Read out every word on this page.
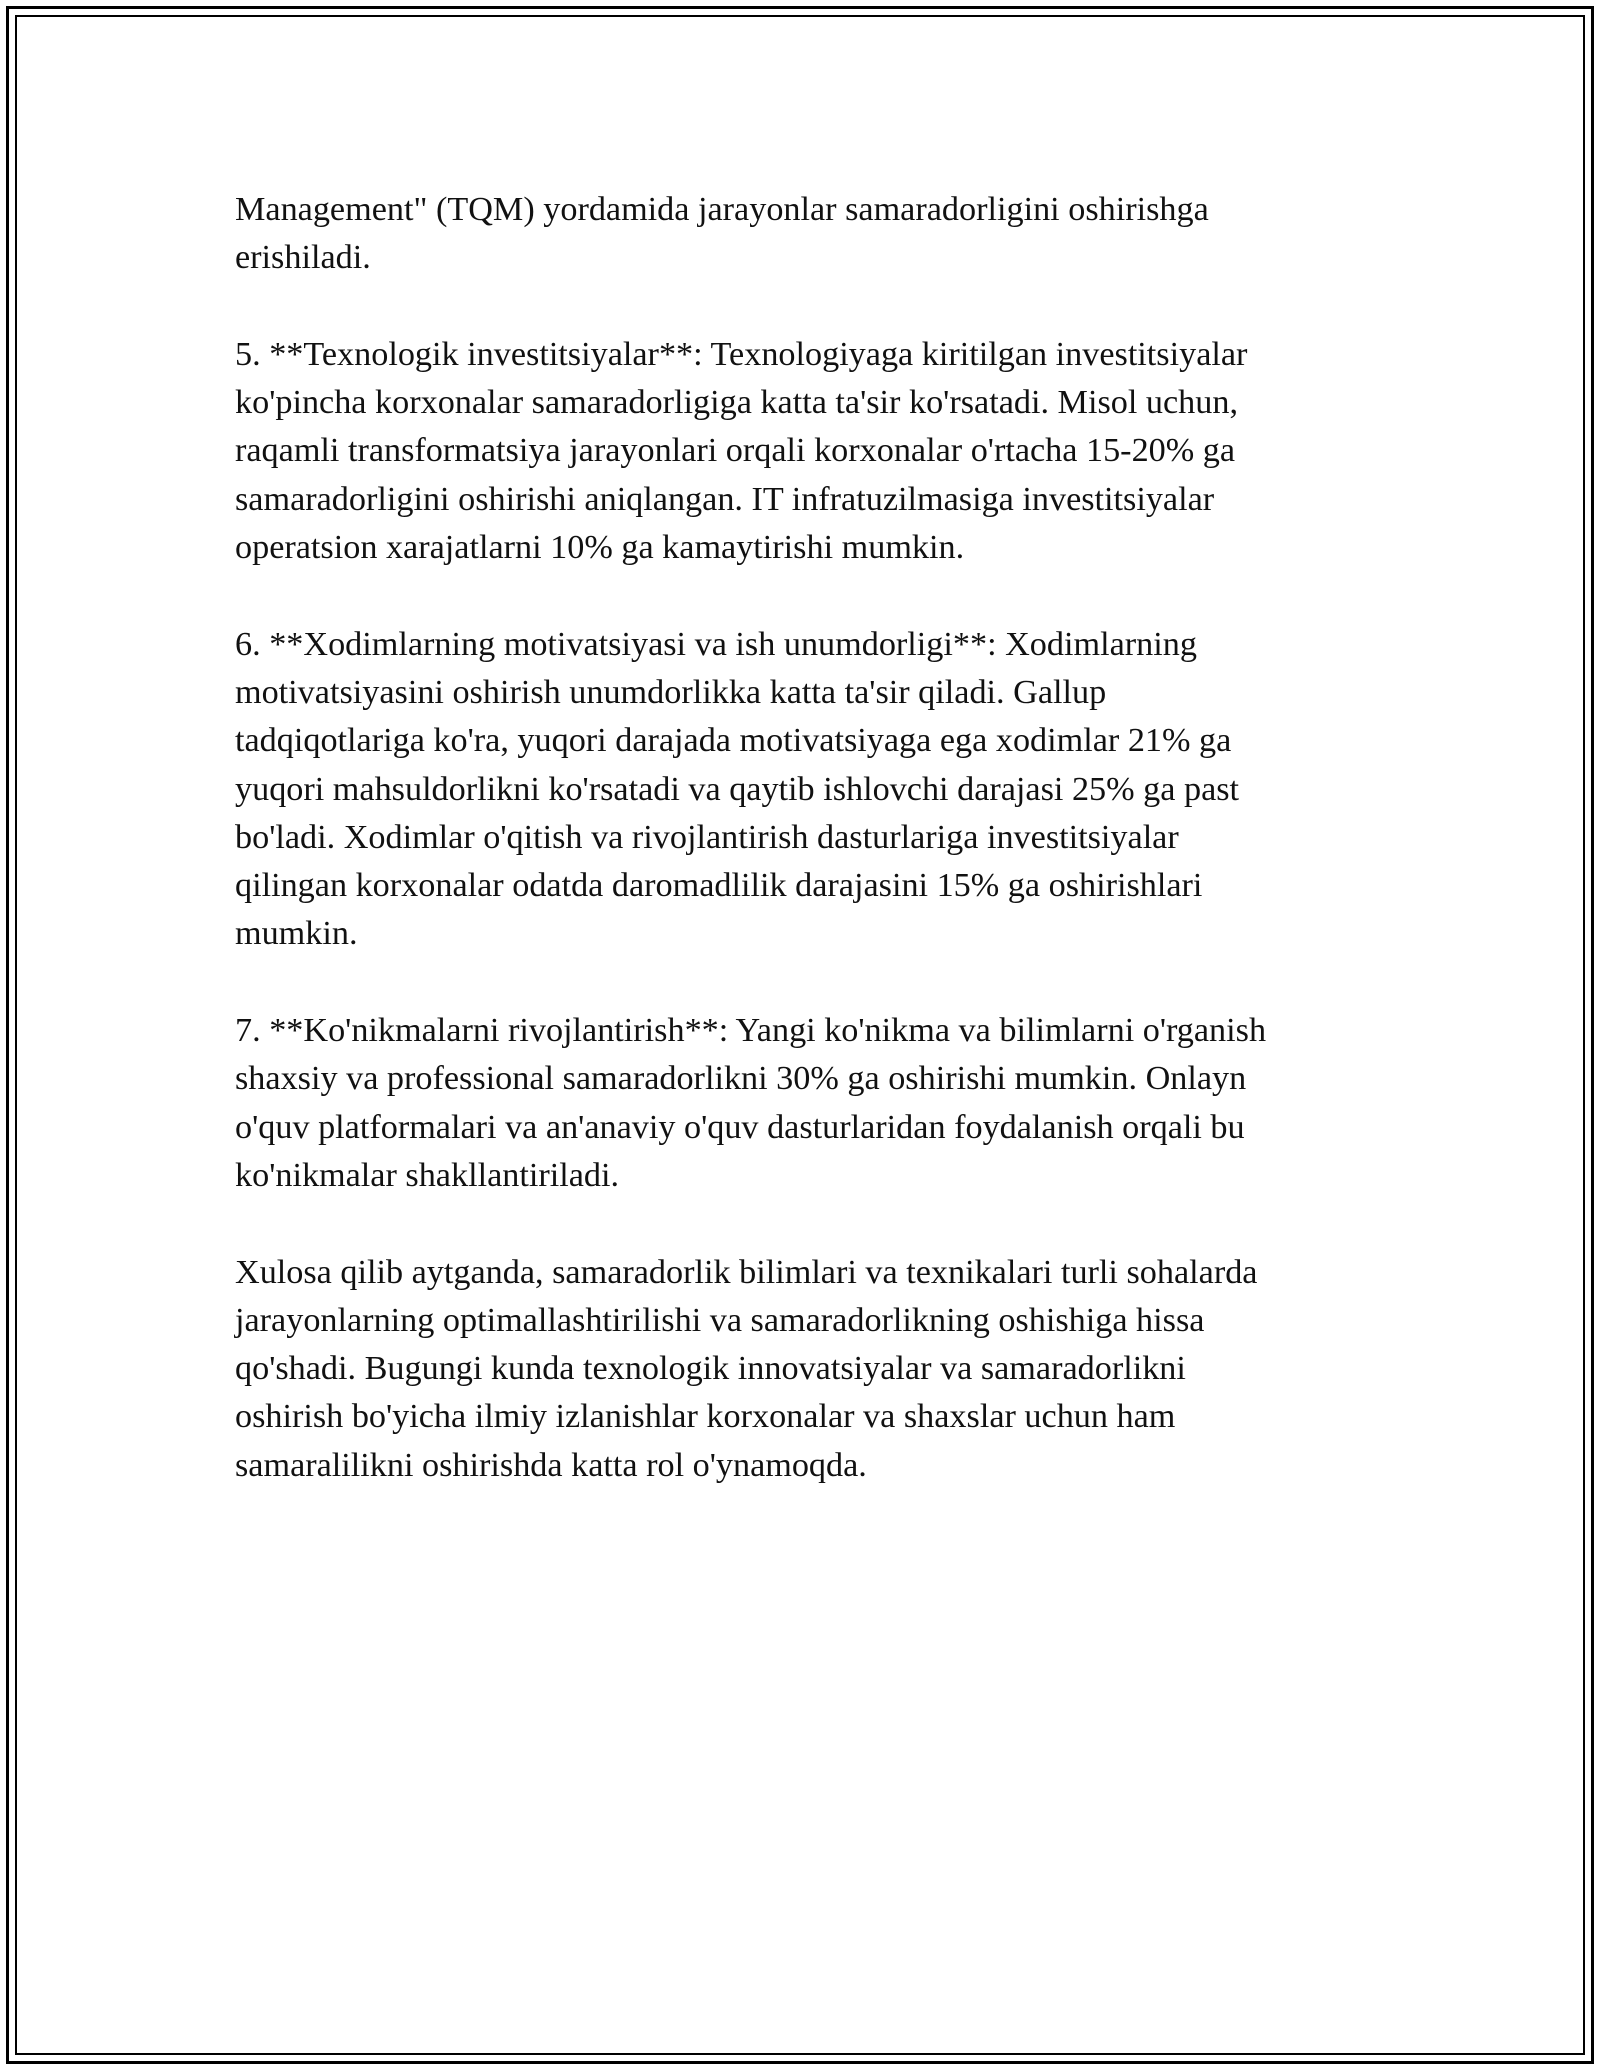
Management" (TQM) yordamida jarayonlar samaradorligini oshirishga
erishiladi.

5. **Texnologik investitsiyalar**: Texnologiyaga kiritilgan investitsiyalar
ko'pincha korxonalar samaradorligiga katta ta'sir ko'rsatadi. Misol uchun,
raqamli transformatsiya jarayonlari orqali korxonalar o'rtacha 15-20% ga
samaradorligini oshirishi aniqlangan. IT infratuzilmasiga investitsiyalar
operatsion xarajatlarni 10% ga kamaytirishi mumkin.

6. **Xodimlarning motivatsiyasi va ish unumdorligi**: Xodimlarning
motivatsiyasini oshirish unumdorlikka katta ta'sir qiladi. Gallup
tadqiqotlariga ko'ra, yuqori darajada motivatsiyaga ega xodimlar 21% ga
yuqori mahsuldorlikni ko'rsatadi va qaytib ishlovchi darajasi 25% ga past
bo'ladi. Xodimlar o'qitish va rivojlantirish dasturlariga investitsiyalar
qilingan korxonalar odatda daromadlilik darajasini 15% ga oshirishlari
mumkin.

7. **Ko'nikmalarni rivojlantirish**: Yangi ko'nikma va bilimlarni o'rganish
shaxsiy va professional samaradorlikni 30% ga oshirishi mumkin. Onlayn
o'quv platformalari va an'anaviy o'quv dasturlaridan foydalanish orqali bu
ko'nikmalar shakllantiriladi.

Xulosa qilib aytganda, samaradorlik bilimlari va texnikalari turli sohalarda
jarayonlarning optimallashtirilishi va samaradorlikning oshishiga hissa
qo'shadi. Bugungi kunda texnologik innovatsiyalar va samaradorlikni
oshirish bo'yicha ilmiy izlanishlar korxonalar va shaxslar uchun ham
samaralilikni oshirishda katta rol o'ynamoqda.
